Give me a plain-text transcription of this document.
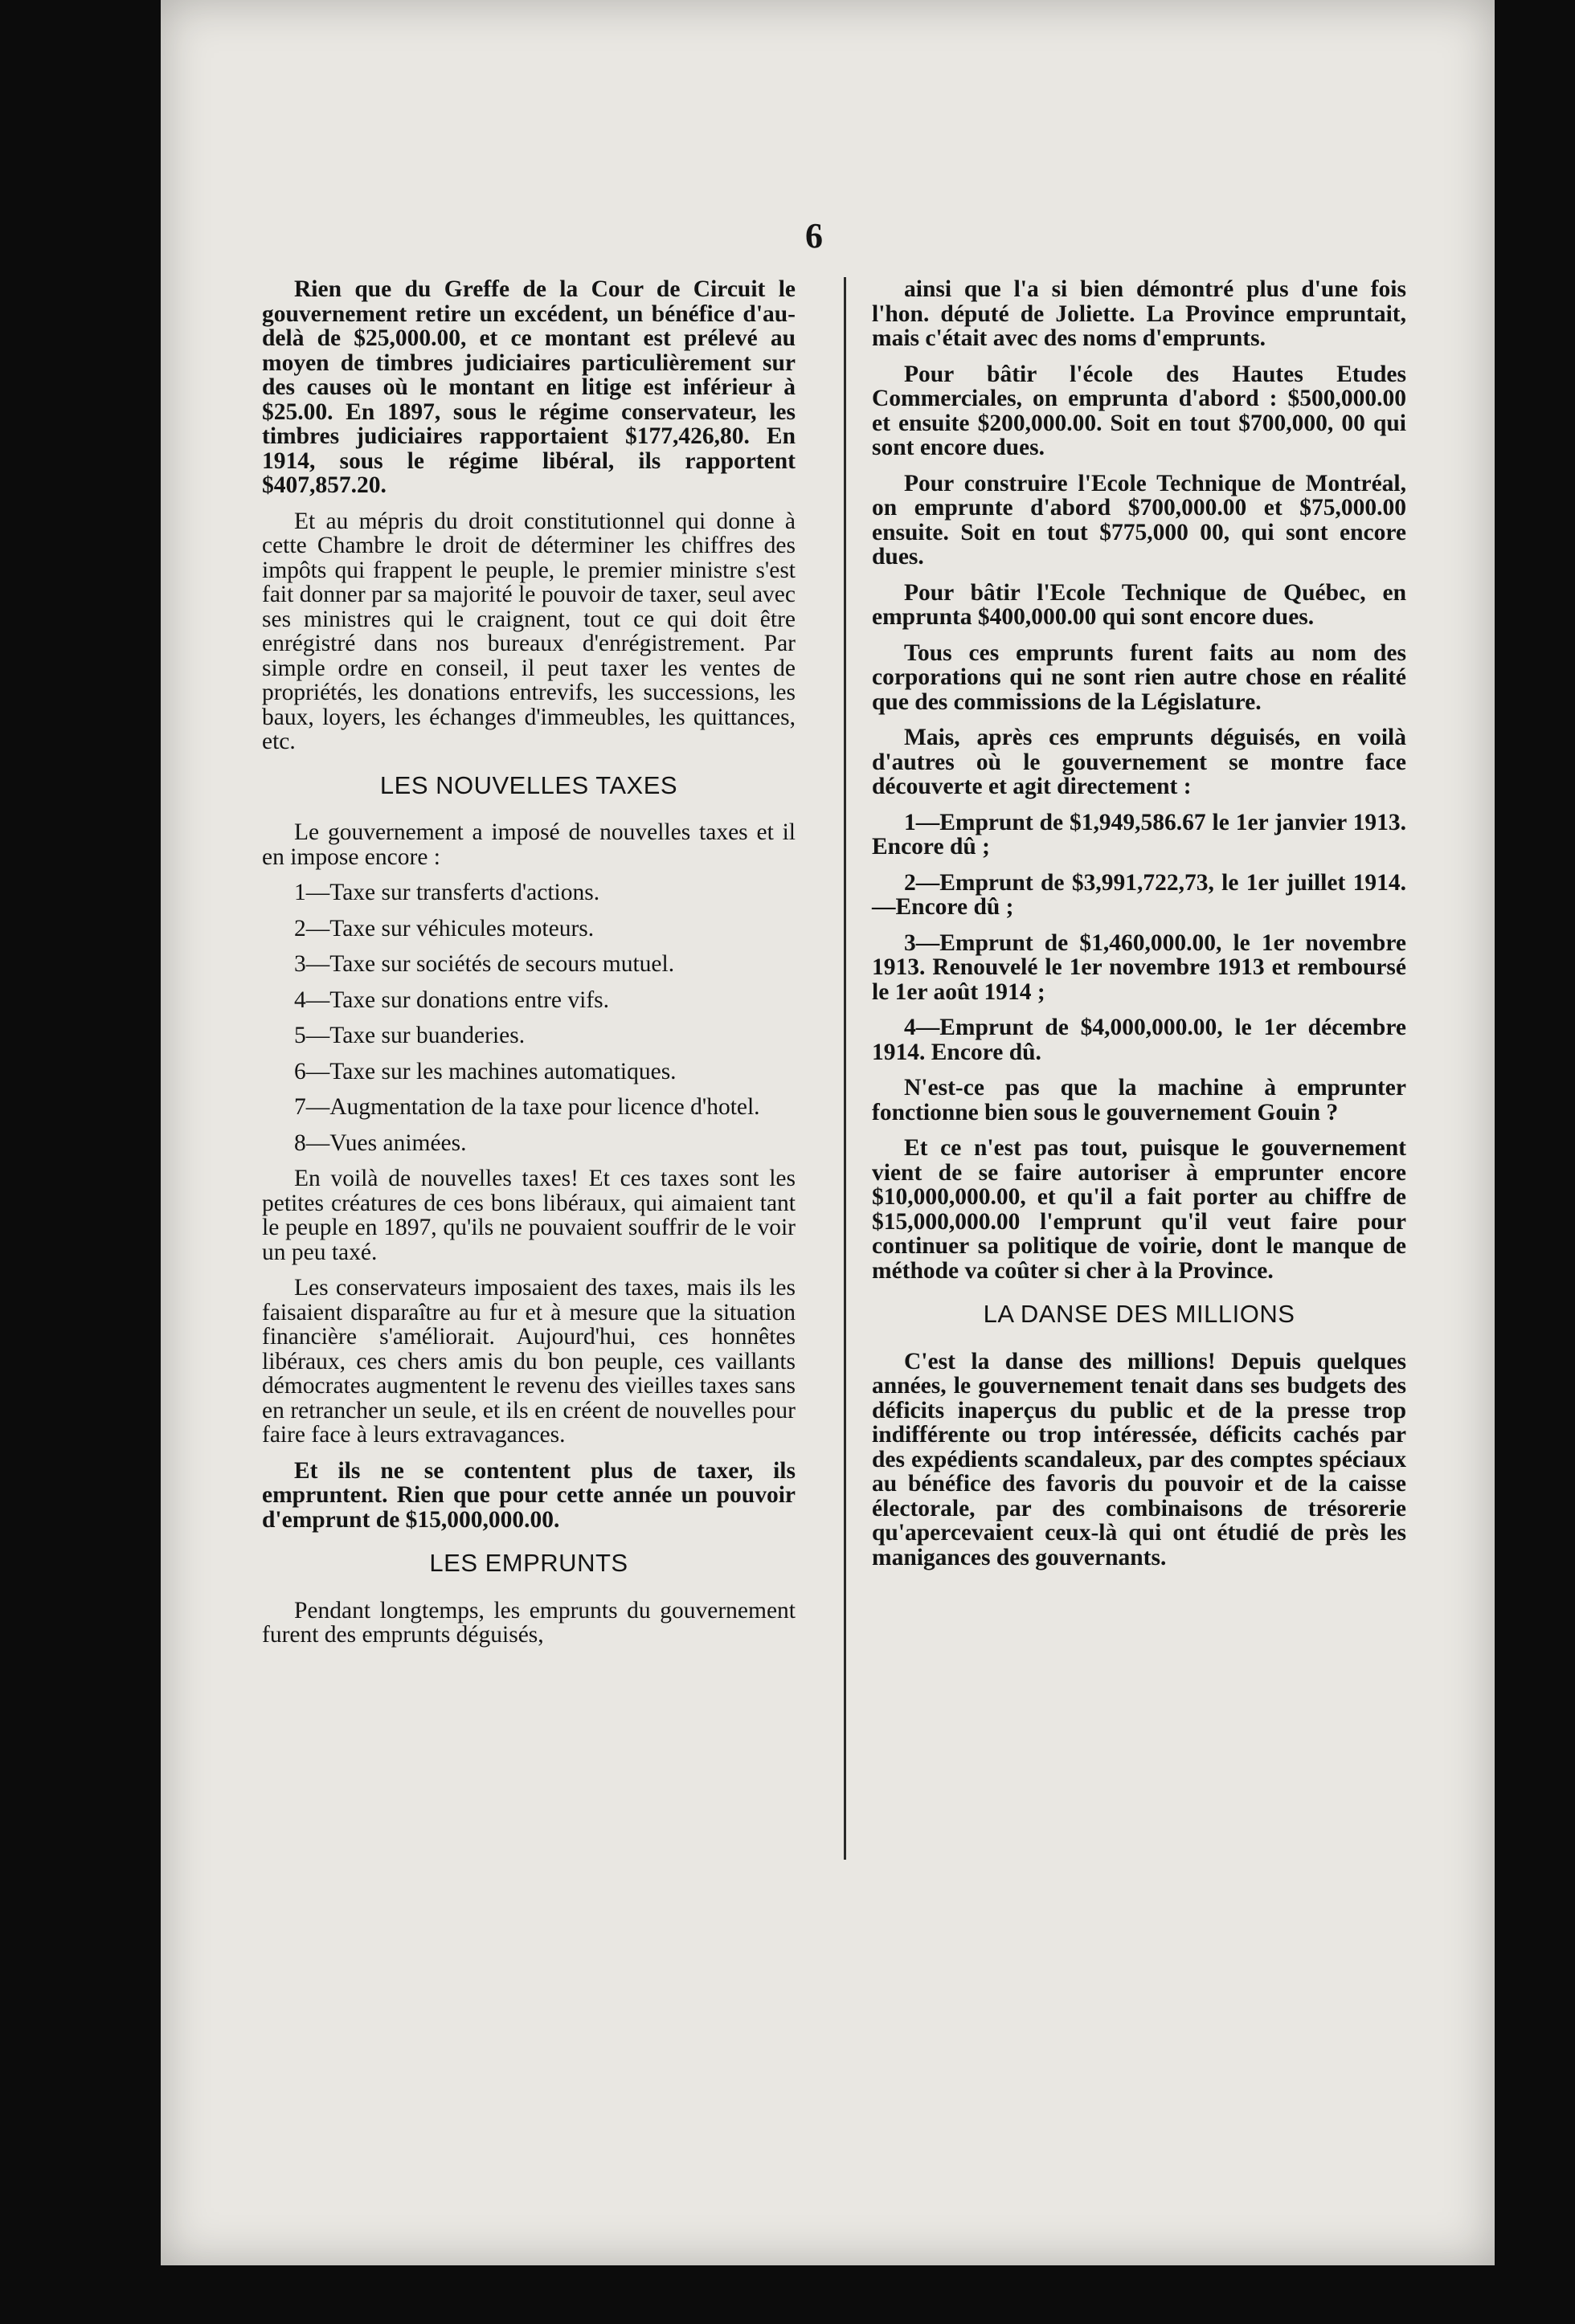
6

Rien que du Greffe de la Cour de Circuit le gouvernement retire un excédent, un bénéfice d'au-delà de $25,000.00, et ce montant est prélevé au moyen de timbres judiciaires particulièrement sur des causes où le montant en litige est inférieur à $25.00. En 1897, sous le régime conservateur, les timbres judiciaires rapportaient $177,426,80. En 1914, sous le régime libéral, ils rapportent $407,857.20.

Et au mépris du droit constitutionnel qui donne à cette Chambre le droit de déterminer les chiffres des impôts qui frappent le peuple, le premier ministre s'est fait donner par sa majorité le pouvoir de taxer, seul avec ses ministres qui le craignent, tout ce qui doit être enrégistré dans nos bureaux d'enrégistrement. Par simple ordre en conseil, il peut taxer les ventes de propriétés, les donations entrevifs, les successions, les baux, loyers, les échanges d'immeubles, les quittances, etc.

LES NOUVELLES TAXES

Le gouvernement a imposé de nouvelles taxes et il en impose encore :

1—Taxe sur transferts d'actions.

2—Taxe sur véhicules moteurs.

3—Taxe sur sociétés de secours mutuel.

4—Taxe sur donations entre vifs.

5—Taxe sur buanderies.

6—Taxe sur les machines automatiques.

7—Augmentation de la taxe pour licence d'hotel.

8—Vues animées.

En voilà de nouvelles taxes! Et ces taxes sont les petites créatures de ces bons libéraux, qui aimaient tant le peuple en 1897, qu'ils ne pouvaient souffrir de le voir un peu taxé.

Les conservateurs imposaient des taxes, mais ils les faisaient disparaître au fur et à mesure que la situation financière s'améliorait. Aujourd'hui, ces honnêtes libéraux, ces chers amis du bon peuple, ces vaillants démocrates augmentent le revenu des vieilles taxes sans en retrancher un seule, et ils en créent de nouvelles pour faire face à leurs extravagances.

Et ils ne se contentent plus de taxer, ils empruntent. Rien que pour cette année un pouvoir d'emprunt de $15,000,000.00.

LES EMPRUNTS

Pendant longtemps, les emprunts du gouvernement furent des emprunts déguisés,

ainsi que l'a si bien démontré plus d'une fois l'hon. député de Joliette. La Province empruntait, mais c'était avec des noms d'emprunts.

Pour bâtir l'école des Hautes Etudes Commerciales, on emprunta d'abord : $500,000.00 et ensuite $200,000.00. Soit en tout $700,000, 00 qui sont encore dues.

Pour construire l'Ecole Technique de Montréal, on emprunte d'abord $700,000.00 et $75,000.00 ensuite. Soit en tout $775,000 00, qui sont encore dues.

Pour bâtir l'Ecole Technique de Québec, en emprunta $400,000.00 qui sont encore dues.

Tous ces emprunts furent faits au nom des corporations qui ne sont rien autre chose en réalité que des commissions de la Législature.

Mais, après ces emprunts déguisés, en voilà d'autres où le gouvernement se montre face découverte et agit directement :

1—Emprunt de $1,949,586.67 le 1er janvier 1913. Encore dû ;

2—Emprunt de $3,991,722,73, le 1er juillet 1914.—Encore dû ;

3—Emprunt de $1,460,000.00, le 1er novembre 1913. Renouvelé le 1er novembre 1913 et remboursé le 1er août 1914 ;

4—Emprunt de $4,000,000.00, le 1er décembre 1914. Encore dû.

N'est-ce pas que la machine à emprunter fonctionne bien sous le gouvernement Gouin ?

Et ce n'est pas tout, puisque le gouvernement vient de se faire autoriser à emprunter encore $10,000,000.00, et qu'il a fait porter au chiffre de $15,000,000.00 l'emprunt qu'il veut faire pour continuer sa politique de voirie, dont le manque de méthode va coûter si cher à la Province.

LA DANSE DES MILLIONS

C'est la danse des millions! Depuis quelques années, le gouvernement tenait dans ses budgets des déficits inaperçus du public et de la presse trop indifférente ou trop intéressée, déficits cachés par des expédients scandaleux, par des comptes spéciaux au bénéfice des favoris du pouvoir et de la caisse électorale, par des combinaisons de trésorerie qu'apercevaient ceux-là qui ont étudié de près les manigances des gouvernants.
